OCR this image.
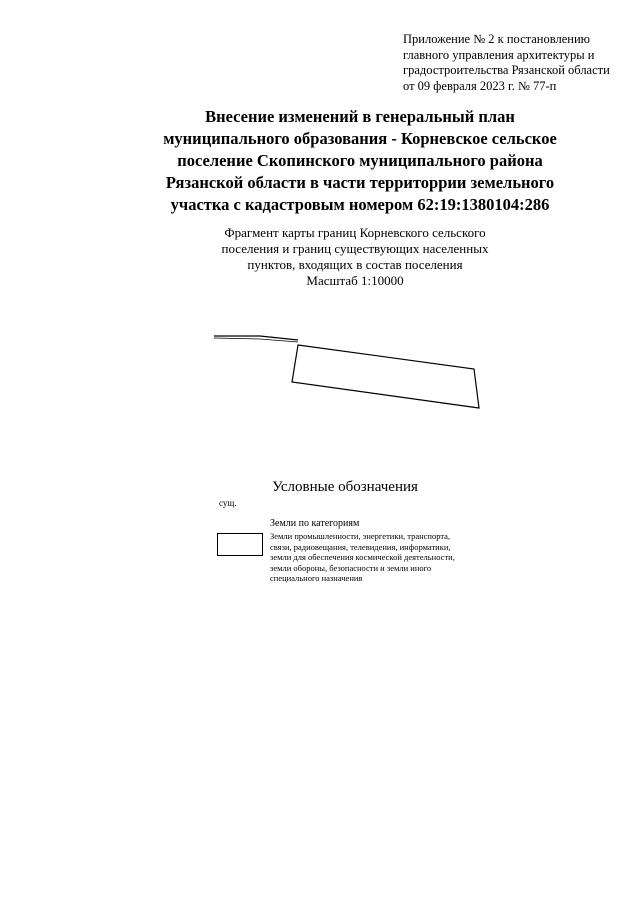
Приложение № 2 к постановлению
главного управления архитектуры и
градостроительства Рязанской области
от 09 февраля 2023 г. № 77-п
Внесение изменений в генеральный план
муниципального образования - Корневское сельское
поселение Скопинского муниципального района
Рязанской области в части территоррии земельного
участка с кадастровым номером 62:19:1380104:286
Фрагмент карты границ Корневского сельского
поселения и границ существующих населенных
пунктов, входящих в состав поселения
Масштаб 1:10000
Условные обозначения
сущ.
Земли по категориям
Земли промышленности, энергетики, транспорта,
связи, радиовещания, телевидения, информатики,
земли для обеспечения космической деятельности,
земли обороны, безопасности и земли иного
специального назначения
